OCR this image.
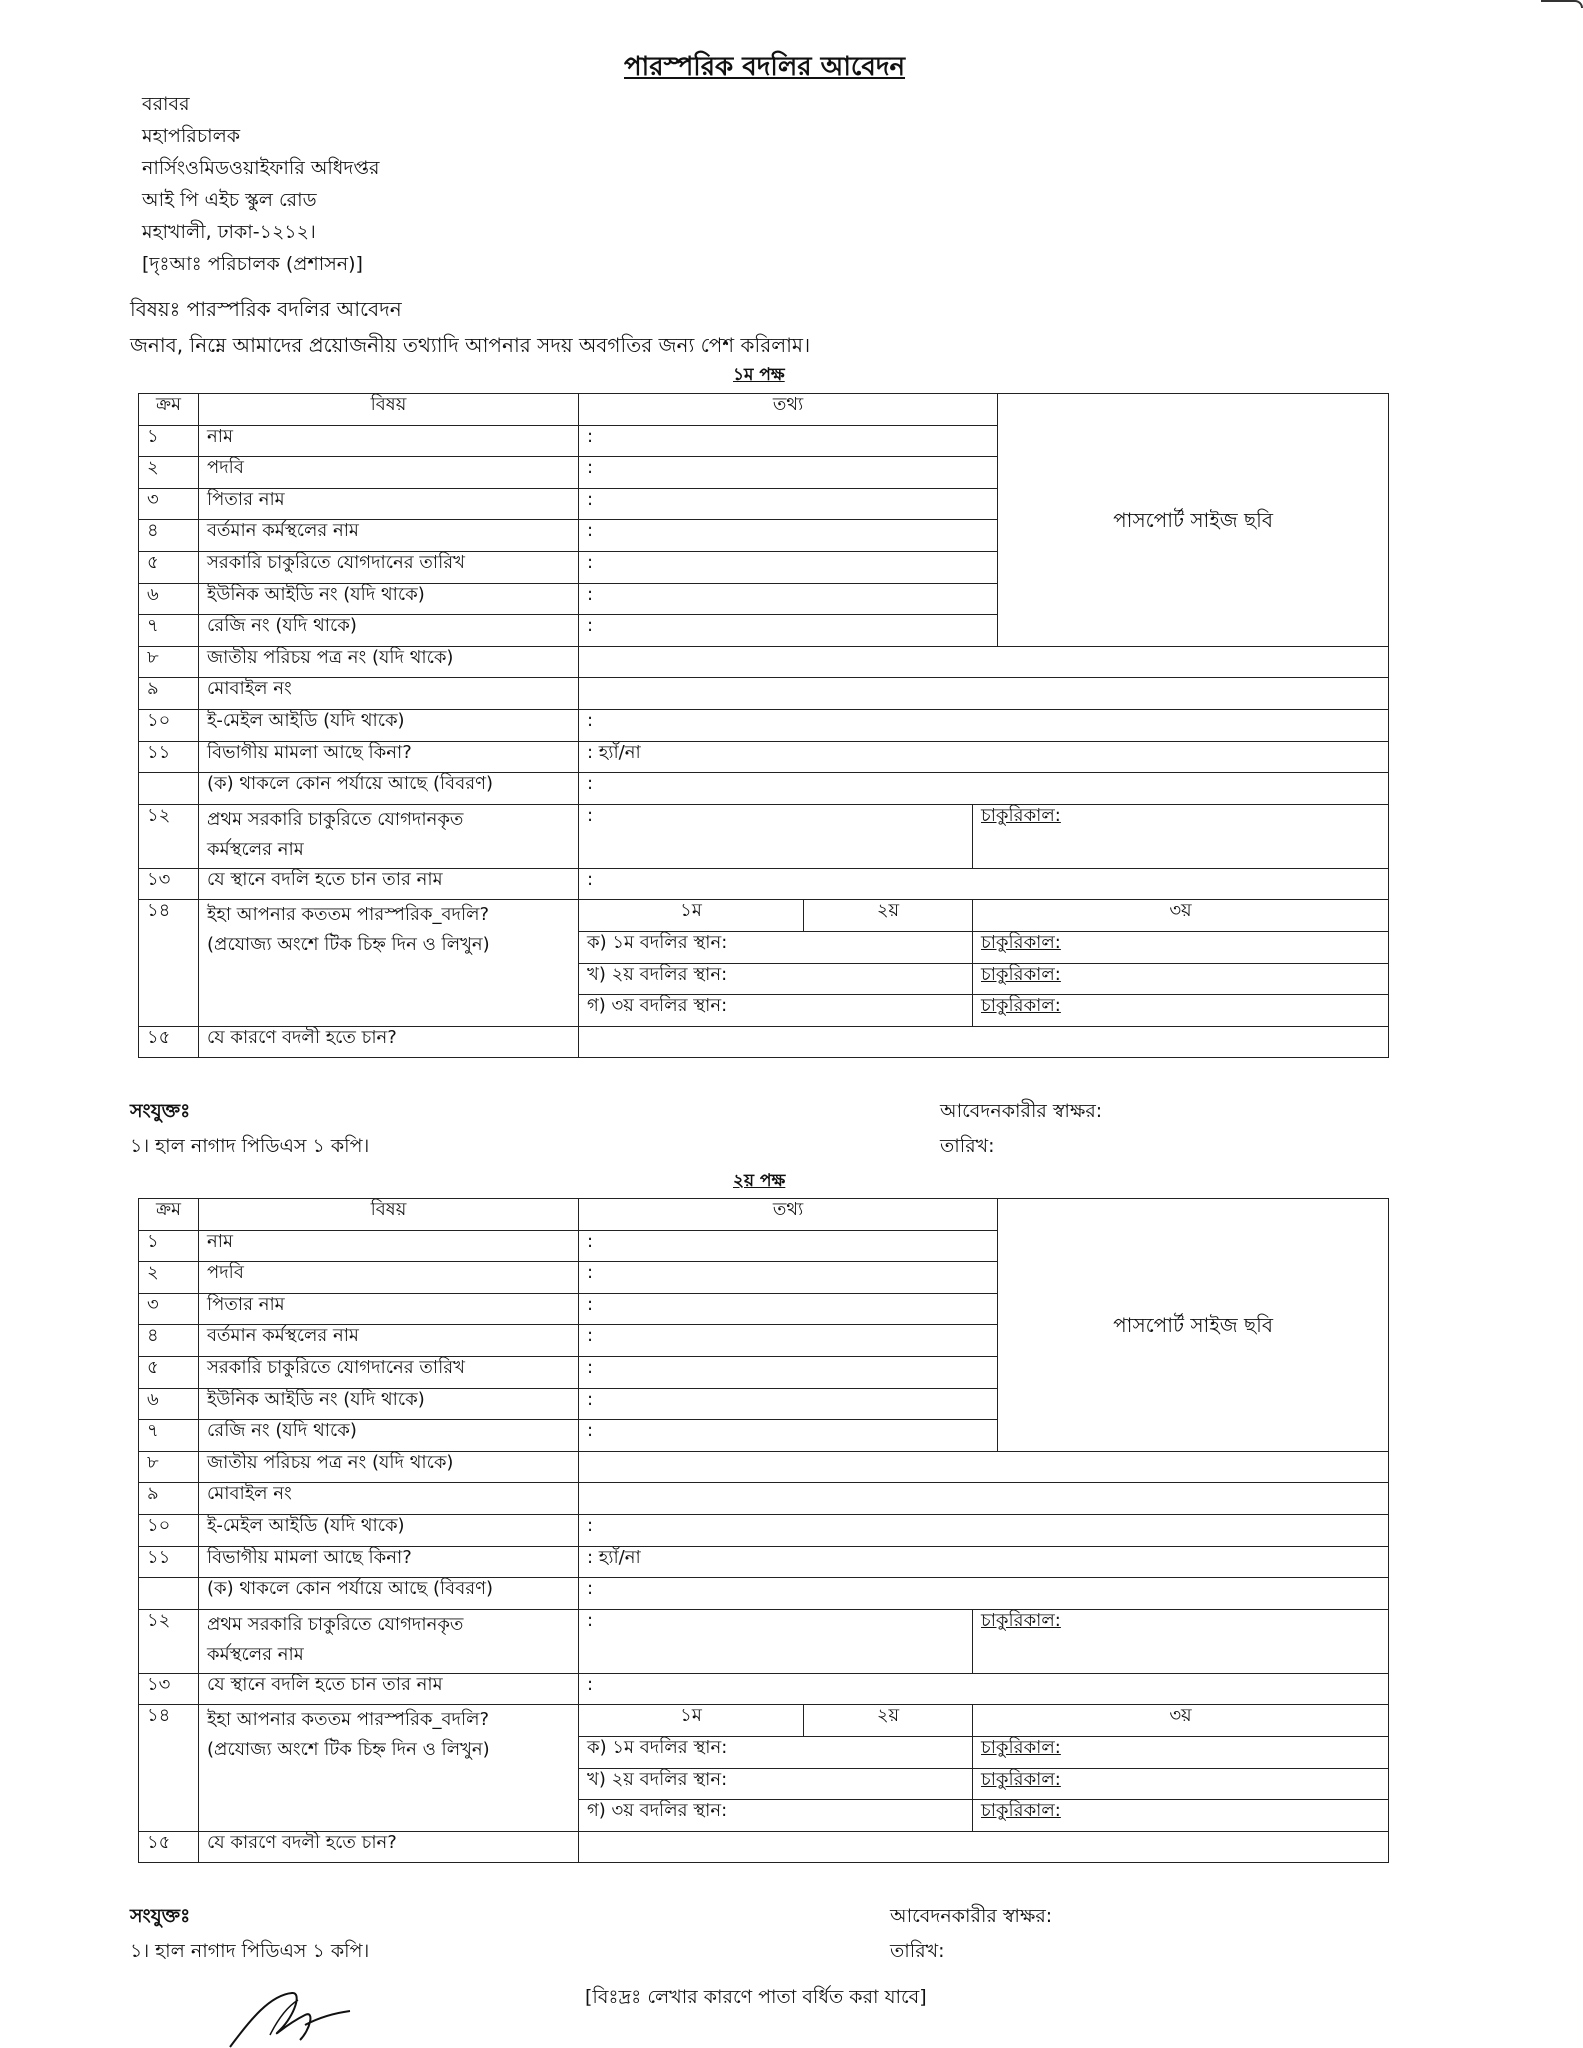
পারস্পরিক বদলির আবেদন
বরাবর
মহাপরিচালক
নার্সিংওমিডওয়াইফারি অধিদপ্তর
আই পি এইচ স্কুল রোড
মহাখালী, ঢাকা-১২১২।
[দৃঃআঃ পরিচালক (প্রশাসন)]
বিষয়ঃ পারস্পরিক বদলির আবেদন
জনাব, নিম্নে আমাদের প্রয়োজনীয় তথ্যাদি আপনার সদয় অবগতির জন্য পেশ করিলাম।
১ম পক্ষ
ক্রম	বিষয়	তথ্য			পাসপোর্ট সাইজ ছবি
১	নাম	:			
২	পদবি	:			
৩	পিতার নাম	:			
৪	বর্তমান কর্মস্থলের নাম	:			
৫	সরকারি চাকুরিতে যোগদানের তারিখ	:			
৬	ইউনিক আইডি নং (যদি থাকে)	:			
৭	রেজি নং (যদি থাকে)	:			
৮	জাতীয় পরিচয় পত্র নং (যদি থাকে)				
৯	মোবাইল নং				
১০	ই-মেইল আইডি (যদি থাকে)	:			
১১	বিভাগীয় মামলা আছে কিনা?	: হ্যাঁ/না			
	(ক) থাকলে কোন পর্যায়ে আছে (বিবরণ)	:			
১২	প্রথম সরকারি চাকুরিতে যোগদানকৃত
কর্মস্থলের নাম	:		চাকুরিকাল:	
১৩	যে স্থানে বদলি হতে চান তার নাম	:			
১৪	ইহা আপনার কততম পারস্পরিক_বদলি?
(প্রযোজ্য অংশে টিক চিহ্ন দিন ও লিখুন)	১ম	২য়	৩য়	
		ক) ১ম বদলির স্থান:		চাকুরিকাল:	
		খ) ২য় বদলির স্থান:		চাকুরিকাল:	
		গ) ৩য় বদলির স্থান:		চাকুরিকাল:	
১৫	যে কারণে বদলী হতে চান?				
সংযুক্তঃ
১। হাল নাগাদ পিডিএস ১ কপি।
আবেদনকারীর স্বাক্ষর:
তারিখ:
২য় পক্ষ
ক্রম	বিষয়	তথ্য			পাসপোর্ট সাইজ ছবি
১	নাম	:			
২	পদবি	:			
৩	পিতার নাম	:			
৪	বর্তমান কর্মস্থলের নাম	:			
৫	সরকারি চাকুরিতে যোগদানের তারিখ	:			
৬	ইউনিক আইডি নং (যদি থাকে)	:			
৭	রেজি নং (যদি থাকে)	:			
৮	জাতীয় পরিচয় পত্র নং (যদি থাকে)				
৯	মোবাইল নং				
১০	ই-মেইল আইডি (যদি থাকে)	:			
১১	বিভাগীয় মামলা আছে কিনা?	: হ্যাঁ/না			
	(ক) থাকলে কোন পর্যায়ে আছে (বিবরণ)	:			
১২	প্রথম সরকারি চাকুরিতে যোগদানকৃত
কর্মস্থলের নাম	:		চাকুরিকাল:	
১৩	যে স্থানে বদলি হতে চান তার নাম	:			
১৪	ইহা আপনার কততম পারস্পরিক_বদলি?
(প্রযোজ্য অংশে টিক চিহ্ন দিন ও লিখুন)	১ম	২য়	৩য়	
		ক) ১ম বদলির স্থান:		চাকুরিকাল:	
		খ) ২য় বদলির স্থান:		চাকুরিকাল:	
		গ) ৩য় বদলির স্থান:		চাকুরিকাল:	
১৫	যে কারণে বদলী হতে চান?				
সংযুক্তঃ
১। হাল নাগাদ পিডিএস ১ কপি।
আবেদনকারীর স্বাক্ষর:
তারিখ:
[বিঃদ্রঃ লেখার কারণে পাতা বর্ধিত করা যাবে]
